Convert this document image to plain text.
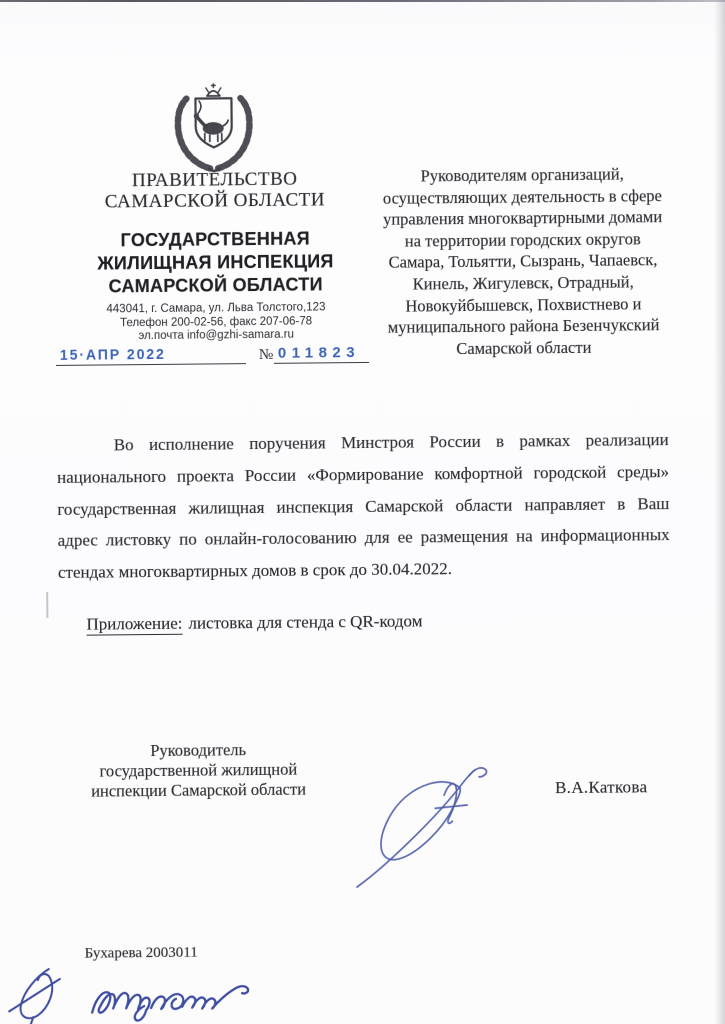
ПРАВИТЕЛЬСТВО
САМАРСКОЙ ОБЛАСТИ
ГОСУДАРСТВЕННАЯ
ЖИЛИЩНАЯ ИНСПЕКЦИЯ
САМАРСКОЙ ОБЛАСТИ
443041, г. Самара, ул. Льва Толстого,123
Телефон 200-02-56, факс 207-06-78
эл.почта info@gzhi-samara.ru
15·АПР 2022	№ 011823
Руководителям организаций,
осуществляющих деятельность в сфере
управления многоквартирными домами
на территории городских округов
Самара, Тольятти, Сызрань, Чапаевск,
Кинель, Жигулевск, Отрадный,
Новокуйбышевск, Похвистнево и
муниципального района Безенчукский
Самарской области
Во исполнение поручения Минстроя России в рамках реализации
национального проекта России «Формирование комфортной городской среды»
государственная жилищная инспекция Самарской области направляет в Ваш
адрес листовку по онлайн-голосованию для ее размещения на информационных
стендах многоквартирных домов в срок до 30.04.2022.
Приложение: листовка для стенда с QR-кодом
Руководитель
государственной жилищной
инспекции Самарской области	В.А.Каткова
Бухарева 2003011
